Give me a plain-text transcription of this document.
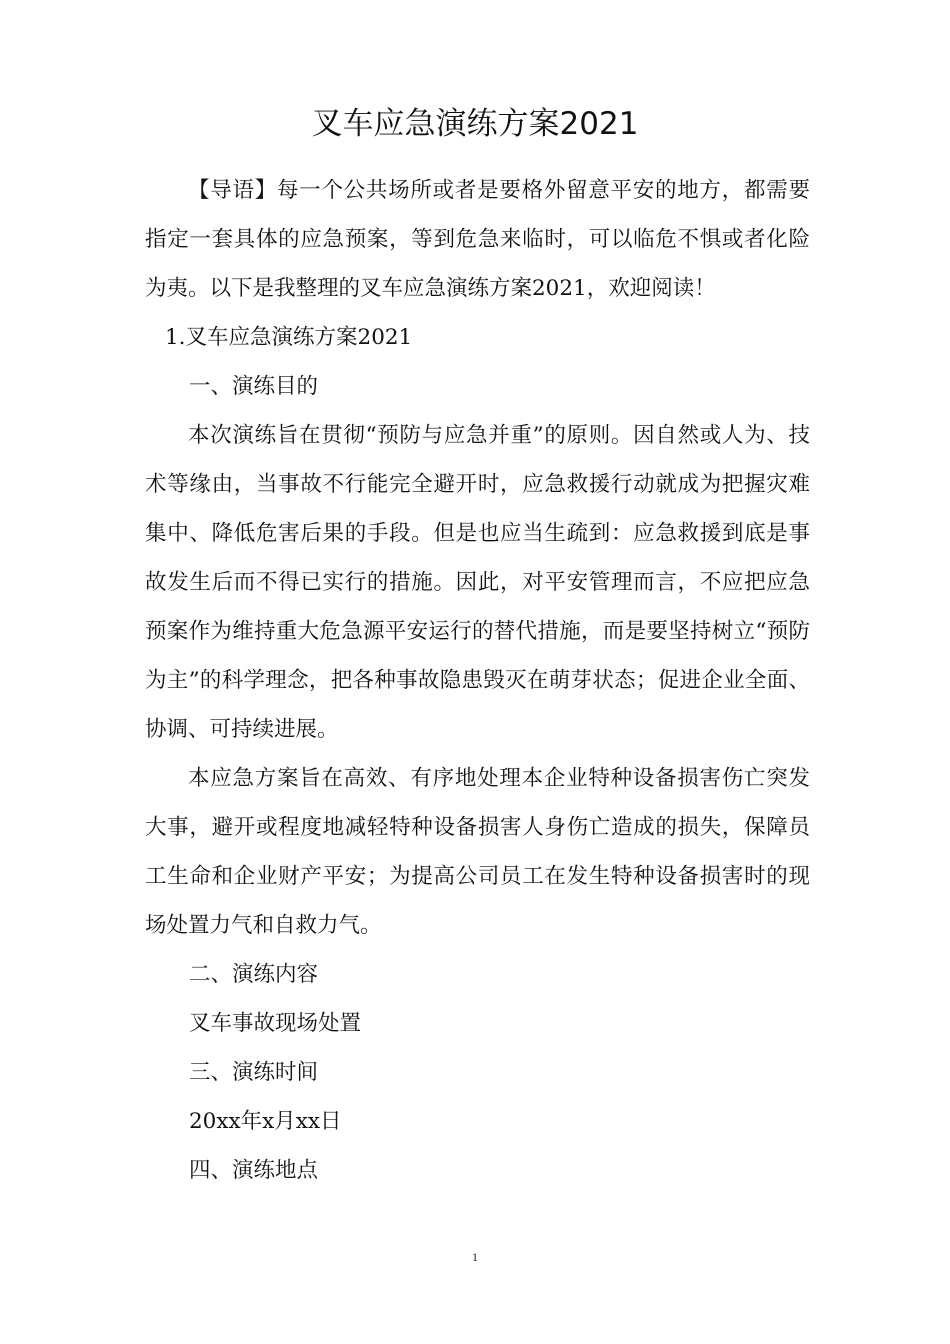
叉车应急演练方案2021

【导语】每一个公共场所或者是要格外留意平安的地方，都需要指定一套具体的应急预案，等到危急来临时，可以临危不惧或者化险为夷。以下是我整理的叉车应急演练方案2021，欢迎阅读！

1.叉车应急演练方案2021
一、演练目的

本次演练旨在贯彻“预防与应急并重”的原则。因自然或人为、技术等缘由，当事故不行能完全避开时，应急救援行动就成为把握灾难集中、降低危害后果的手段。但是也应当生疏到：应急救援到底是事故发生后而不得已实行的措施。因此，对平安管理而言，不应把应急预案作为维持重大危急源平安运行的替代措施，而是要坚持树立“预防为主”的科学理念，把各种事故隐患毁灭在萌芽状态；促进企业全面、协调、可持续进展。

本应急方案旨在高效、有序地处理本企业特种设备损害伤亡突发大事，避开或程度地减轻特种设备损害人身伤亡造成的损失，保障员工生命和企业财产平安；为提高公司员工在发生特种设备损害时的现场处置力气和自救力气。

二、演练内容
叉车事故现场处置
三、演练时间
20xx年x月xx日
四、演练地点
1
